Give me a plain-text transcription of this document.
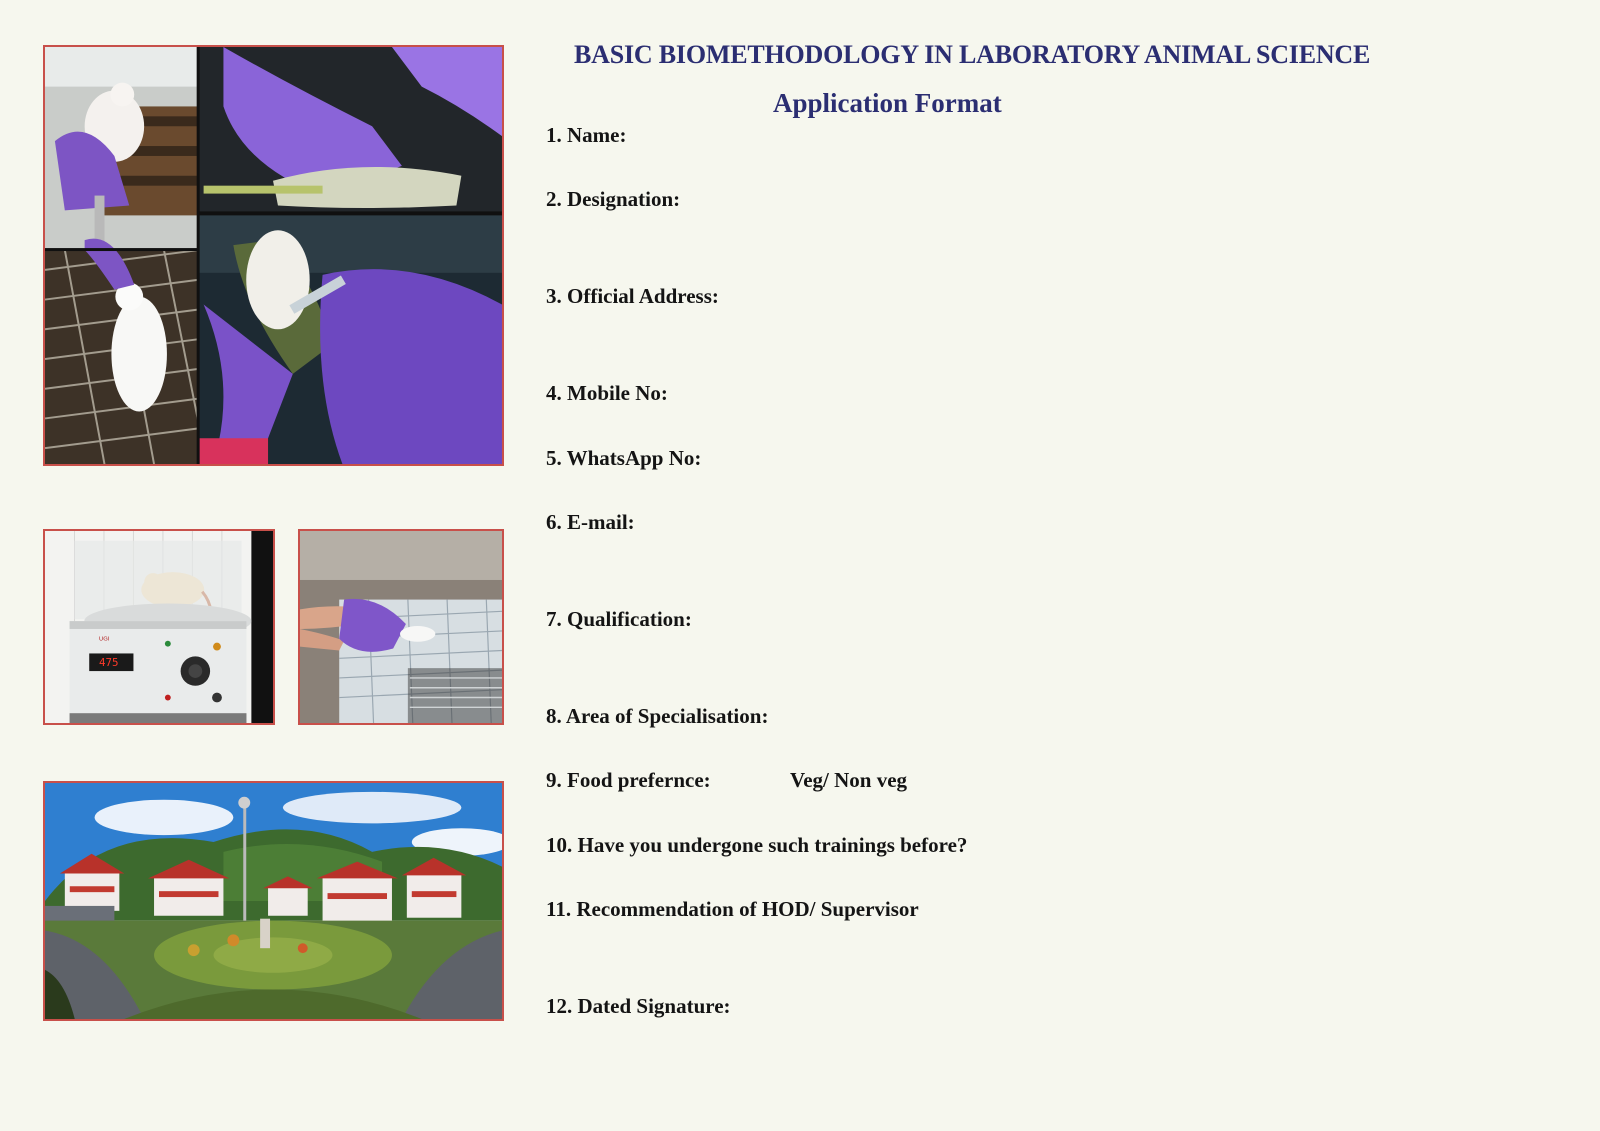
UGI
475
BASIC BIOMETHODOLOGY IN LABORATORY ANIMAL SCIENCE
Application Format
1. Name:
2. Designation:
3. Official Address:
4. Mobile No:
5. WhatsApp No:
6. E-mail:
7. Qualification:
8. Area of Specialisation:
9. Food prefernce:	Veg/ Non veg
10. Have you undergone such trainings before?
11. Recommendation of HOD/ Supervisor
12. Dated Signature:
